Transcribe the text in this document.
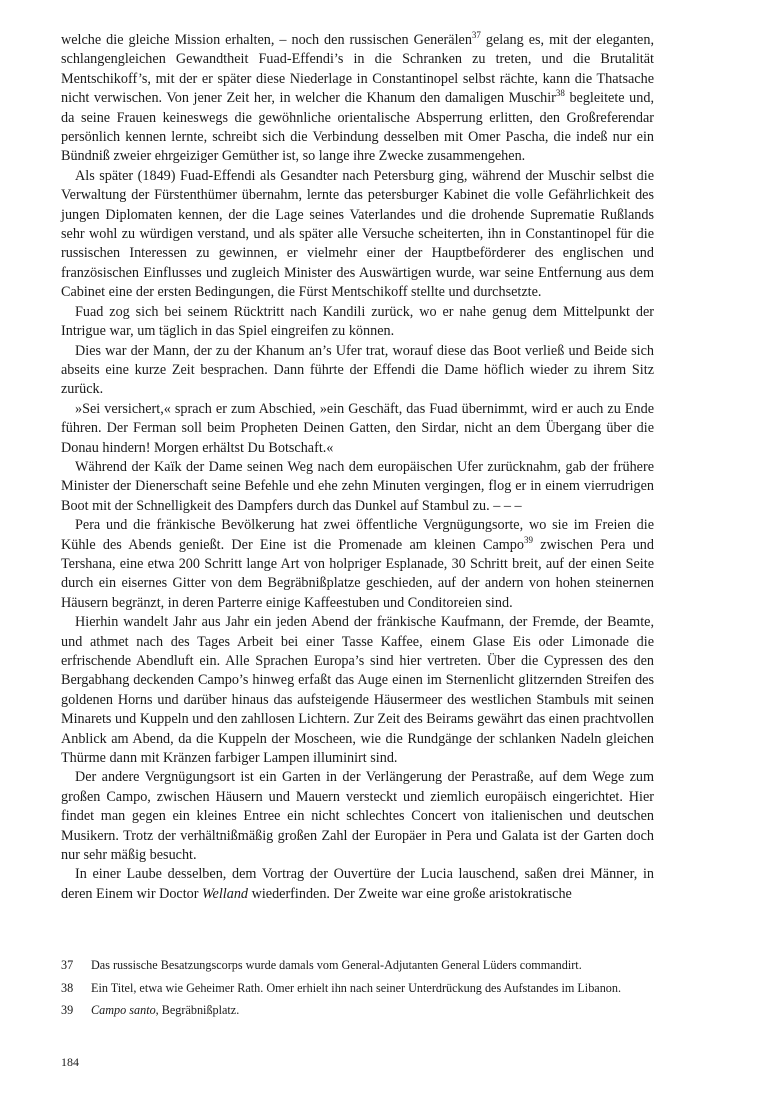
welche die gleiche Mission erhalten, – noch den russischen Generälen$^{37}$ gelang es, mit der eleganten, schlangengleichen Gewandtheit Fuad-Effendi’s in die Schranken zu treten, und die Brutalität Mentschikoff’s, mit der er später diese Niederlage in Constantinopel selbst rächte, kann die Thatsache nicht verwischen. Von jener Zeit her, in welcher die Khanum den damaligen Muschir$^{38}$ begleitete und, da seine Frauen keineswegs die gewöhnliche orientalische Absperrung erlitten, den Großreferendar persönlich kennen lernte, schreibt sich die Verbindung desselben mit Omer Pascha, die indeß nur ein Bündniß zweier ehrgeiziger Gemüther ist, so lange ihre Zwecke zusammengehen.

Als später (1849) Fuad-Effendi als Gesandter nach Petersburg ging, während der Muschir selbst die Verwaltung der Fürstenthümer übernahm, lernte das petersburger Kabinet die volle Gefährlichkeit des jungen Diplomaten kennen, der die Lage seines Vaterlandes und die drohende Suprematie Rußlands sehr wohl zu würdigen verstand, und als später alle Versuche scheiterten, ihn in Constantinopel für die russischen Interessen zu gewinnen, er vielmehr einer der Hauptbeförderer des englischen und französischen Einflusses und zugleich Minister des Auswärtigen wurde, war seine Entfernung aus dem Cabinet eine der ersten Bedingungen, die Fürst Mentschikoff stellte und durchsetzte.

Fuad zog sich bei seinem Rücktritt nach Kandili zurück, wo er nahe genug dem Mittelpunkt der Intrigue war, um täglich in das Spiel eingreifen zu können.

Dies war der Mann, der zu der Khanum an’s Ufer trat, worauf diese das Boot verließ und Beide sich abseits eine kurze Zeit besprachen. Dann führte der Effendi die Dame höflich wieder zu ihrem Sitz zurück.

»Sei versichert,« sprach er zum Abschied, »ein Geschäft, das Fuad übernimmt, wird er auch zu Ende führen. Der Ferman soll beim Propheten Deinen Gatten, den Sirdar, nicht an dem Übergang über die Donau hindern! Morgen erhältst Du Botschaft.«

Während der Kaïk der Dame seinen Weg nach dem europäischen Ufer zurücknahm, gab der frühere Minister der Dienerschaft seine Befehle und ehe zehn Minuten vergingen, flog er in einem vierrudrigen Boot mit der Schnelligkeit des Dampfers durch das Dunkel auf Stambul zu. – – –

Pera und die fränkische Bevölkerung hat zwei öffentliche Vergnügungsorte, wo sie im Freien die Kühle des Abends genießt. Der Eine ist die Promenade am kleinen Campo$^{39}$ zwischen Pera und Tershana, eine etwa 200 Schritt lange Art von holpriger Esplanade, 30 Schritt breit, auf der einen Seite durch ein eisernes Gitter von dem Begräbnißplatze geschieden, auf der andern von hohen steinernen Häusern begränzt, in deren Parterre einige Kaffeestuben und Conditoreien sind.

Hierhin wandelt Jahr aus Jahr ein jeden Abend der fränkische Kaufmann, der Fremde, der Beamte, und athmet nach des Tages Arbeit bei einer Tasse Kaffee, einem Glase Eis oder Limonade die erfrischende Abendluft ein. Alle Sprachen Europa’s sind hier vertreten. Über die Cypressen des den Bergabhang deckenden Campo’s hinweg erfaßt das Auge einen im Sternenlicht glitzernden Streifen des goldenen Horns und darüber hinaus das aufsteigende Häusermeer des westlichen Stambuls mit seinen Minarets und Kuppeln und den zahllosen Lichtern. Zur Zeit des Beirams gewährt das einen prachtvollen Anblick am Abend, da die Kuppeln der Moscheen, wie die Rundgänge der schlanken Nadeln gleichen Thürme dann mit Kränzen farbiger Lampen illuminirt sind.

Der andere Vergnügungsort ist ein Garten in der Verlängerung der Perastraße, auf dem Wege zum großen Campo, zwischen Häusern und Mauern versteckt und ziemlich europäisch eingerichtet. Hier findet man gegen ein kleines Entree ein nicht schlechtes Concert von italienischen und deutschen Musikern. Trotz der verhältnißmäßig großen Zahl der Europäer in Pera und Galata ist der Garten doch nur sehr mäßig besucht.

In einer Laube desselben, dem Vortrag der Ouvertüre der Lucia lauschend, saßen drei Männer, in deren Einem wir Doctor Welland wiederfinden. Der Zweite war eine große aristokratische

37	Das russische Besatzungscorps wurde damals vom General-Adjutanten General Lüders commandirt.
38	Ein Titel, etwa wie Geheimer Rath. Omer erhielt ihn nach seiner Unterdrückung des Aufstandes im Libanon.
39	Campo santo, Begräbnißplatz.
184
